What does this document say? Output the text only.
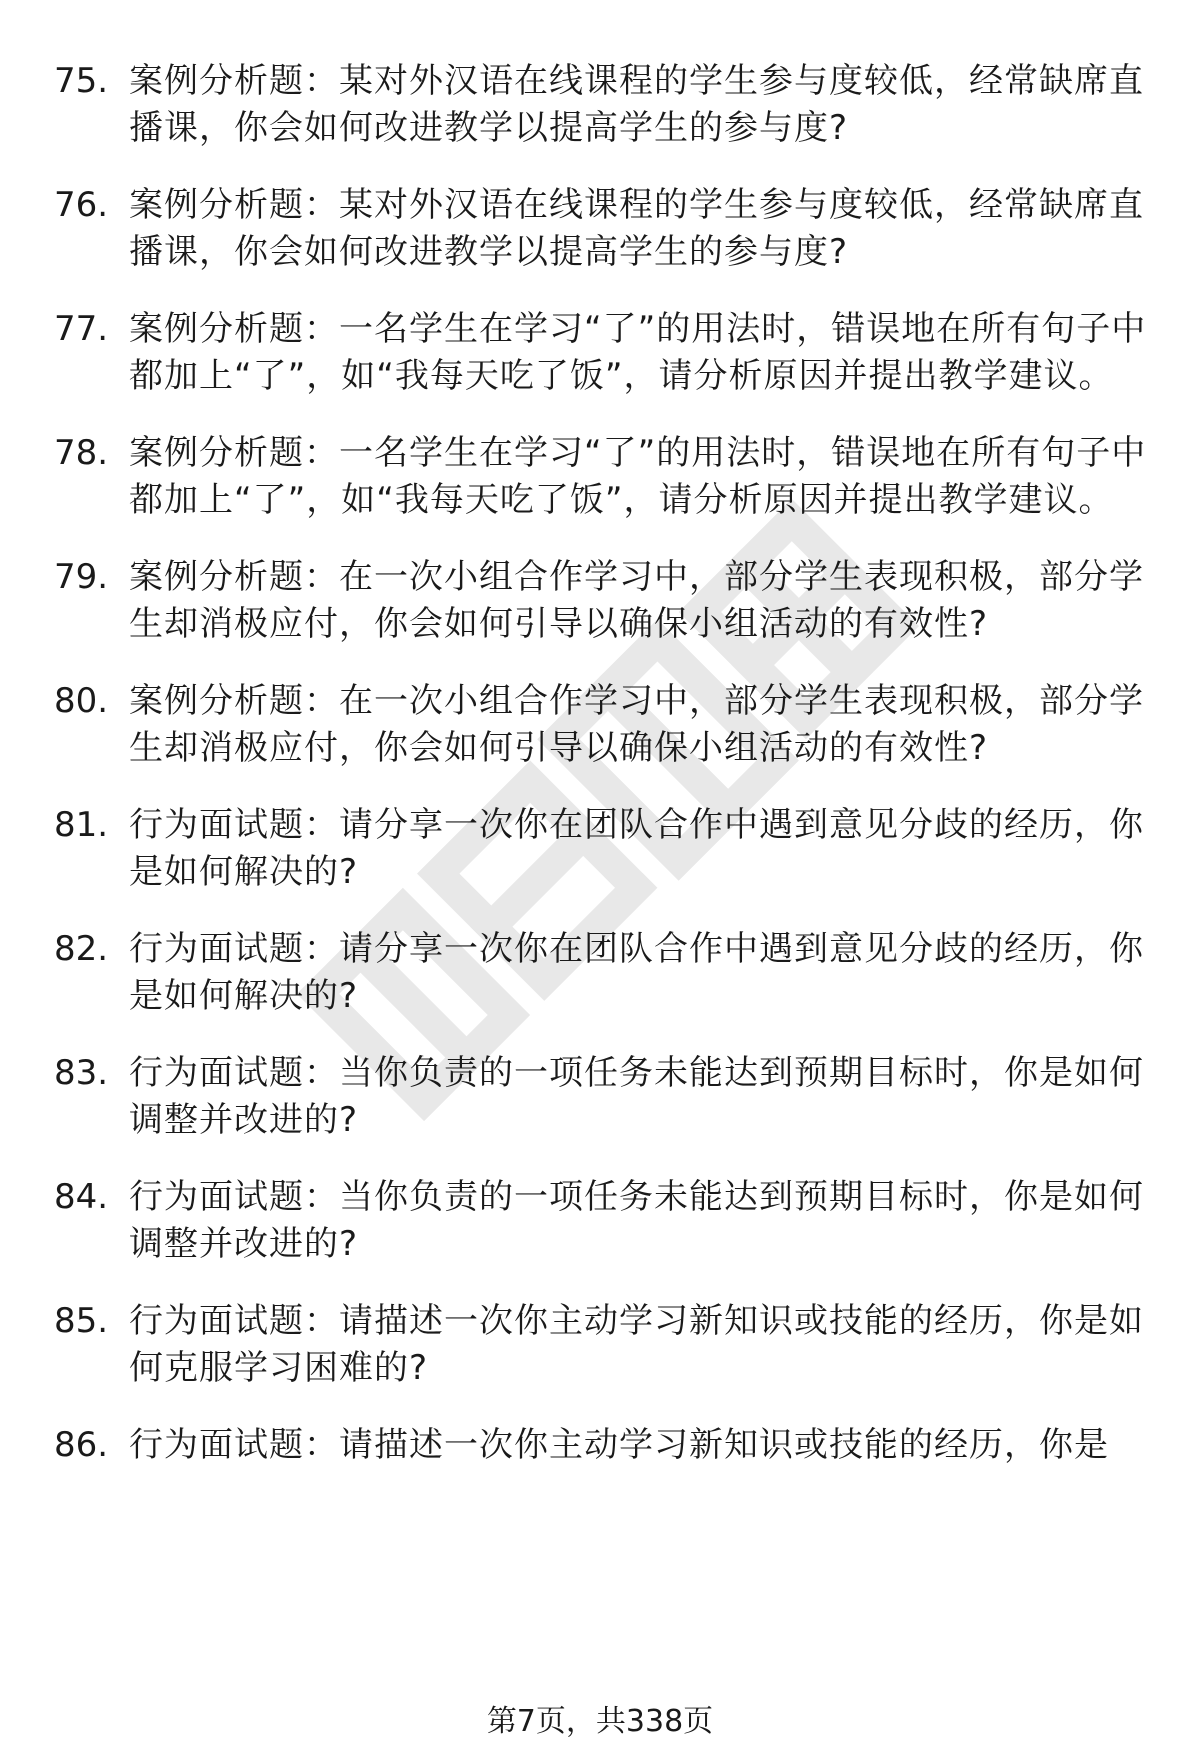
75. 案例分析题：某对外汉语在线课程的学生参与度较低，经常缺席直播课，你会如何改进教学以提高学生的参与度?
76. 案例分析题：某对外汉语在线课程的学生参与度较低，经常缺席直播课，你会如何改进教学以提高学生的参与度?
77. 案例分析题：一名学生在学习“了”的用法时，错误地在所有句子中都加上“了”，如“我每天吃了饭”，请分析原因并提出教学建议。
78. 案例分析题：一名学生在学习“了”的用法时，错误地在所有句子中都加上“了”，如“我每天吃了饭”，请分析原因并提出教学建议。
79. 案例分析题：在一次小组合作学习中，部分学生表现积极，部分学生却消极应付，你会如何引导以确保小组活动的有效性?
80. 案例分析题：在一次小组合作学习中，部分学生表现积极，部分学生却消极应付，你会如何引导以确保小组活动的有效性?
81. 行为面试题：请分享一次你在团队合作中遇到意见分歧的经历，你是如何解决的?
82. 行为面试题：请分享一次你在团队合作中遇到意见分歧的经历，你是如何解决的?
83. 行为面试题：当你负责的一项任务未能达到预期目标时，你是如何调整并改进的?
84. 行为面试题：当你负责的一项任务未能达到预期目标时，你是如何调整并改进的?
85. 行为面试题：请描述一次你主动学习新知识或技能的经历，你是如何克服学习困难的?
86. 行为面试题：请描述一次你主动学习新知识或技能的经历，你是
第7页，共338页
